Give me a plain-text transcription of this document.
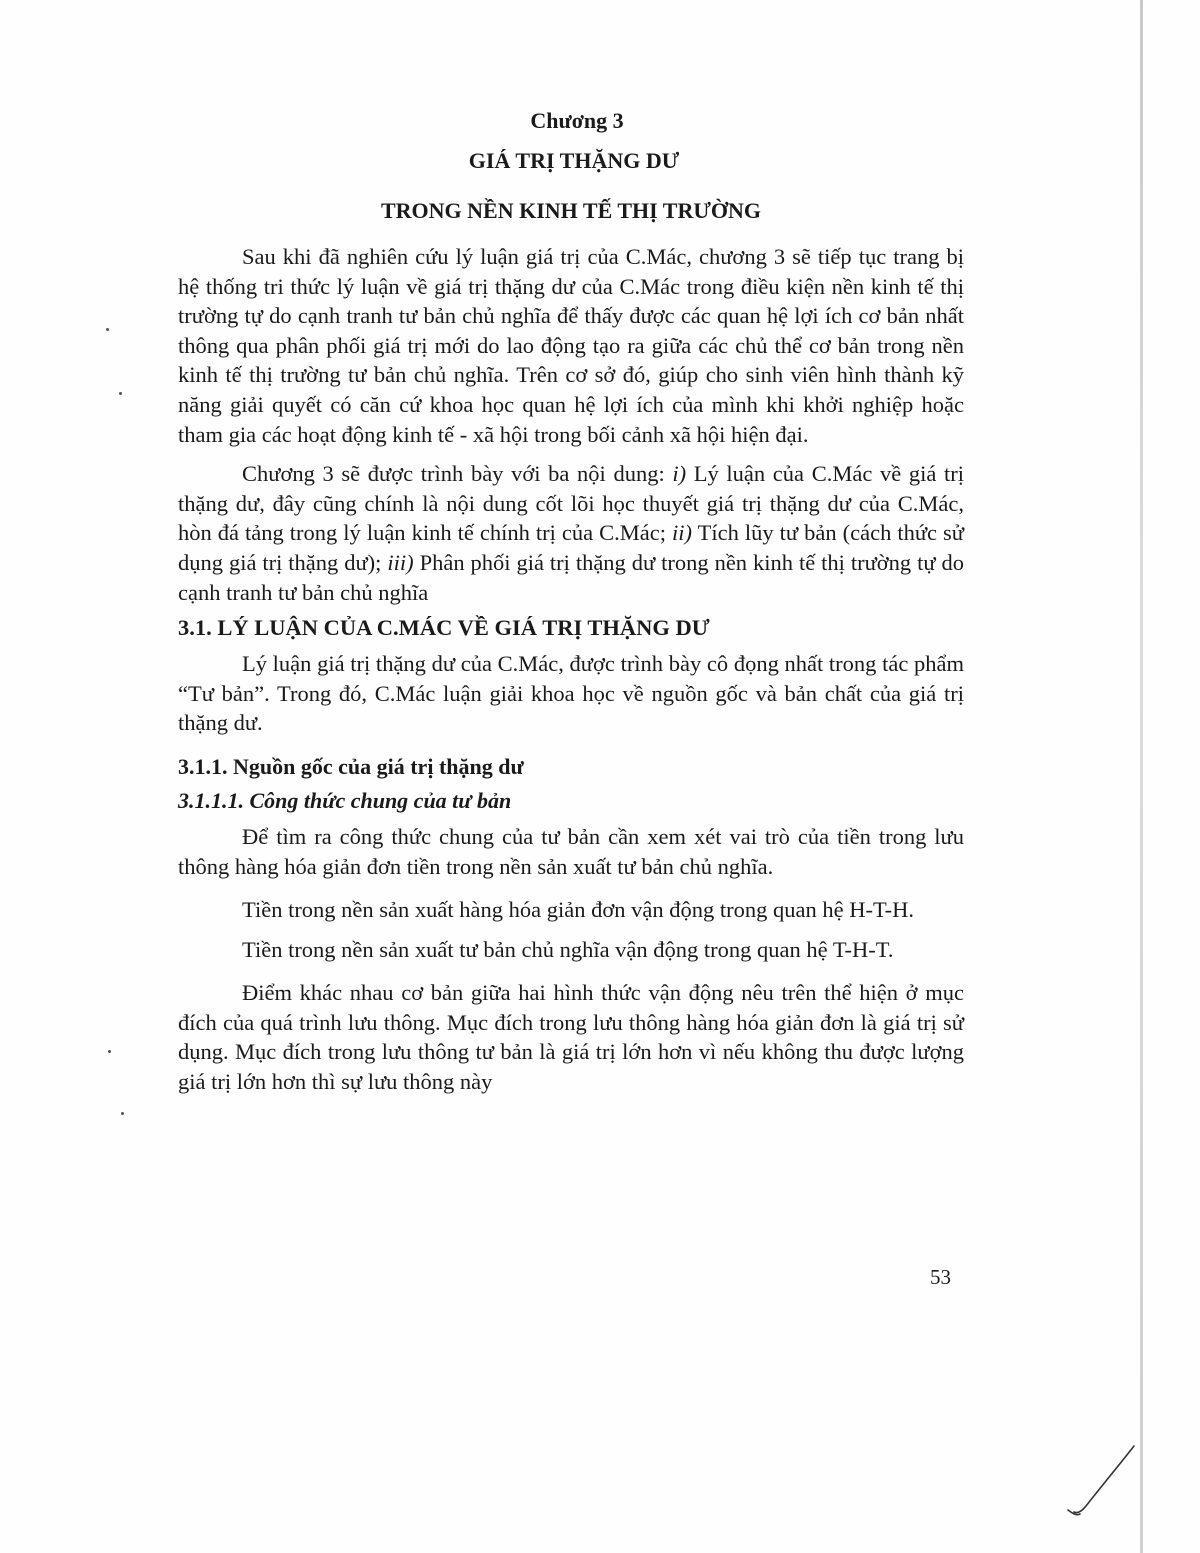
Chương 3
GIÁ TRỊ THẶNG DƯ
TRONG NỀN KINH TẾ THỊ TRƯỜNG

Sau khi đã nghiên cứu lý luận giá trị của C.Mác, chương 3 sẽ tiếp tục trang bị hệ thống tri thức lý luận về giá trị thặng dư của C.Mác trong điều kiện nền kinh tế thị trường tự do cạnh tranh tư bản chủ nghĩa để thấy được các quan hệ lợi ích cơ bản nhất thông qua phân phối giá trị mới do lao động tạo ra giữa các chủ thể cơ bản trong nền kinh tế thị trường tư bản chủ nghĩa. Trên cơ sở đó, giúp cho sinh viên hình thành kỹ năng giải quyết có căn cứ khoa học quan hệ lợi ích của mình khi khởi nghiệp hoặc tham gia các hoạt động kinh tế - xã hội trong bối cảnh xã hội hiện đại.

Chương 3 sẽ được trình bày với ba nội dung: i) Lý luận của C.Mác về giá trị thặng dư, đây cũng chính là nội dung cốt lõi học thuyết giá trị thặng dư của C.Mác, hòn đá tảng trong lý luận kinh tế chính trị của C.Mác; ii) Tích lũy tư bản (cách thức sử dụng giá trị thặng dư); iii) Phân phối giá trị thặng dư trong nền kinh tế thị trường tự do cạnh tranh tư bản chủ nghĩa

3.1. LÝ LUẬN CỦA C.MÁC VỀ GIÁ TRỊ THẶNG DƯ

Lý luận giá trị thặng dư của C.Mác, được trình bày cô đọng nhất trong tác phẩm “Tư bản”. Trong đó, C.Mác luận giải khoa học về nguồn gốc và bản chất của giá trị thặng dư.

3.1.1. Nguồn gốc của giá trị thặng dư
3.1.1.1. Công thức chung của tư bản

Để tìm ra công thức chung của tư bản cần xem xét vai trò của tiền trong lưu thông hàng hóa giản đơn tiền trong nền sản xuất tư bản chủ nghĩa.

Tiền trong nền sản xuất hàng hóa giản đơn vận động trong quan hệ H-T-H.

Tiền trong nền sản xuất tư bản chủ nghĩa vận động trong quan hệ T-H-T.

Điểm khác nhau cơ bản giữa hai hình thức vận động nêu trên thể hiện ở mục đích của quá trình lưu thông. Mục đích trong lưu thông hàng hóa giản đơn là giá trị sử dụng. Mục đích trong lưu thông tư bản là giá trị lớn hơn vì nếu không thu được lượng giá trị lớn hơn thì sự lưu thông này

53
